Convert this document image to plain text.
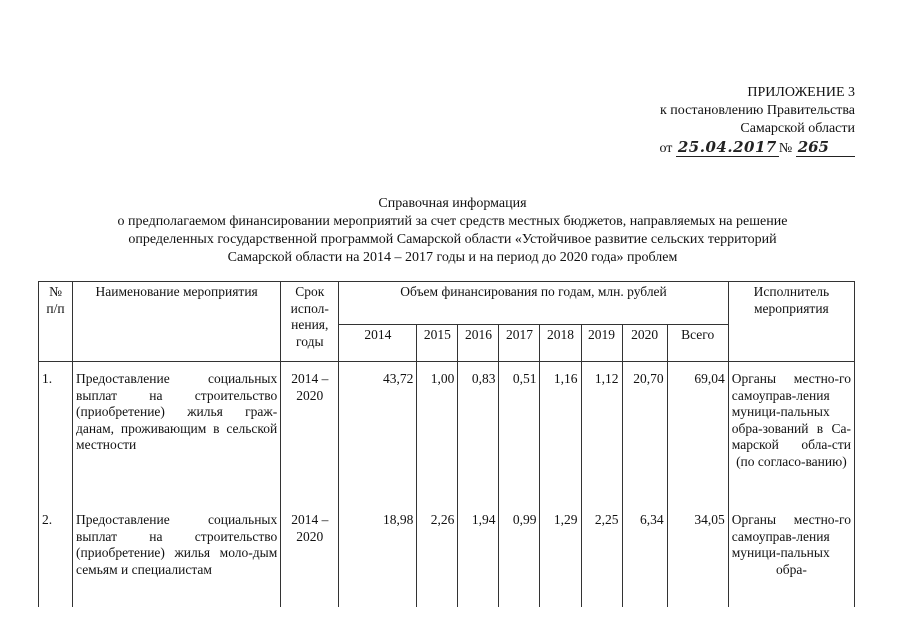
ПРИЛОЖЕНИЕ 3
к постановлению Правительства
Самарской области
от 25.04.2017 № 265
Справочная информация
о предполагаемом финансировании мероприятий за счет средств местных бюджетов, направляемых на решение
определенных государственной программой Самарской области «Устойчивое развитие сельских территорий
Самарской области на 2014 – 2017 годы и на период до 2020 года» проблем
№ п/п	Наименование мероприятия	Срок испол-нения, годы	Объем финансирования по годам, млн. рублей								Исполнитель мероприятия
			2014	2015	2016	2017	2018	2019	2020	Всего	
1.	Предоставление социальных выплат на строительство (приобретение) жилья граж-данам, проживающим в сельской местности	2014 – 2020	43,72	1,00	0,83	0,51	1,16	1,12	20,70	69,04	Органы местно-го самоуправ-ления муници-пальных обра-зований в Са-марской обла-сти (по согласо-ванию)
2.	Предоставление социальных выплат на строительство (приобретение) жилья моло-дым семьям и специалистам	2014 – 2020	18,98	2,26	1,94	0,99	1,29	2,25	6,34	34,05	Органы местно-го самоуправ-ления муници-пальных обра-
